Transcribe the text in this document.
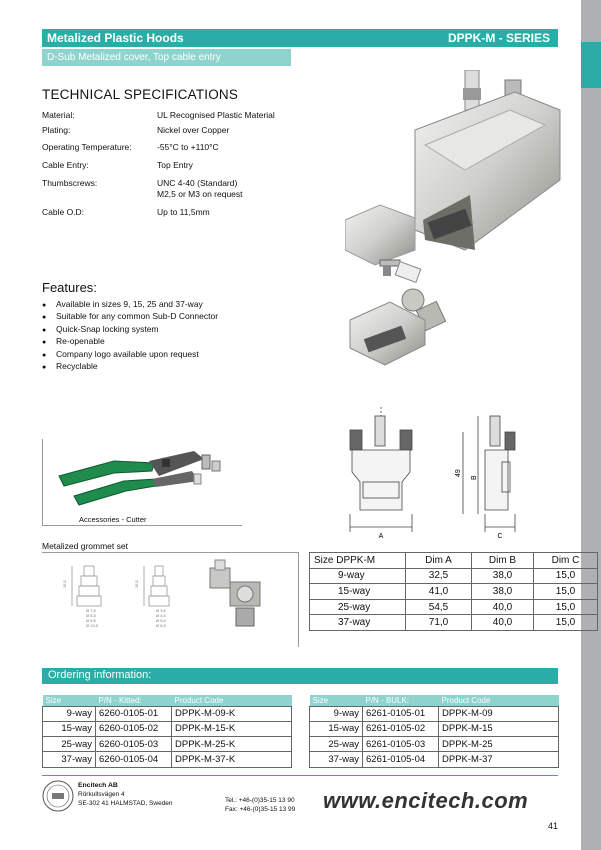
Metalized Plastic Hoods	DPPK-M - SERIES
D-Sub Metalized cover, Top cable entry
TECHNICAL SPECIFICATIONS
Material:	UL Recognised Plastic Material
Plating:	Nickel over Copper
Operating Temperature:	-55°C to +110°C
Cable Entry:	Top Entry
Thumbscrews:	UNC 4-40 (Standard)
M2,5 or M3 on request
Cable O.D:	Up to 11,5mm
Features:
● Available in sizes 9, 15, 25 and 37-way
● Suitable for any common Sub-D Connector
● Quick-Snap locking system
● Re-openable
● Company logo available upon request
● Recyclable
Accessories - Cutter
Metalized grommet set
15,5	15,5
Ø 7,5
Ø 8,5
Ø 9,5
Ø 10,5
Ø 3,5
Ø 4,5
Ø 5,5
Ø 6,5
A	C
49
B
Size DPPK-M	Dim A	Dim B	Dim C
9-way	32,5	38,0	15,0
15-way	41,0	38,0	15,0
25-way	54,5	40,0	15,0
37-way	71,0	40,0	15,0
Ordering information:
Size	P/N - Kitted:	Product Code
9-way	6260-0105-01	DPPK-M-09-K
15-way	6260-0105-02	DPPK-M-15-K
25-way	6260-0105-03	DPPK-M-25-K
37-way	6260-0105-04	DPPK-M-37-K
Size	P/N - BULK:	Product Code
9-way	6261-0105-01	DPPK-M-09
15-way	6261-0105-02	DPPK-M-15
25-way	6261-0105-03	DPPK-M-25
37-way	6261-0105-04	DPPK-M-37
Encitech AB
Rörkullsvägen 4
SE-302 41 HALMSTAD, Sweden	Tel.: +46-(0)35-15 13 90
Fax: +46-(0)35-15 13 99 www.encitech.com
41
